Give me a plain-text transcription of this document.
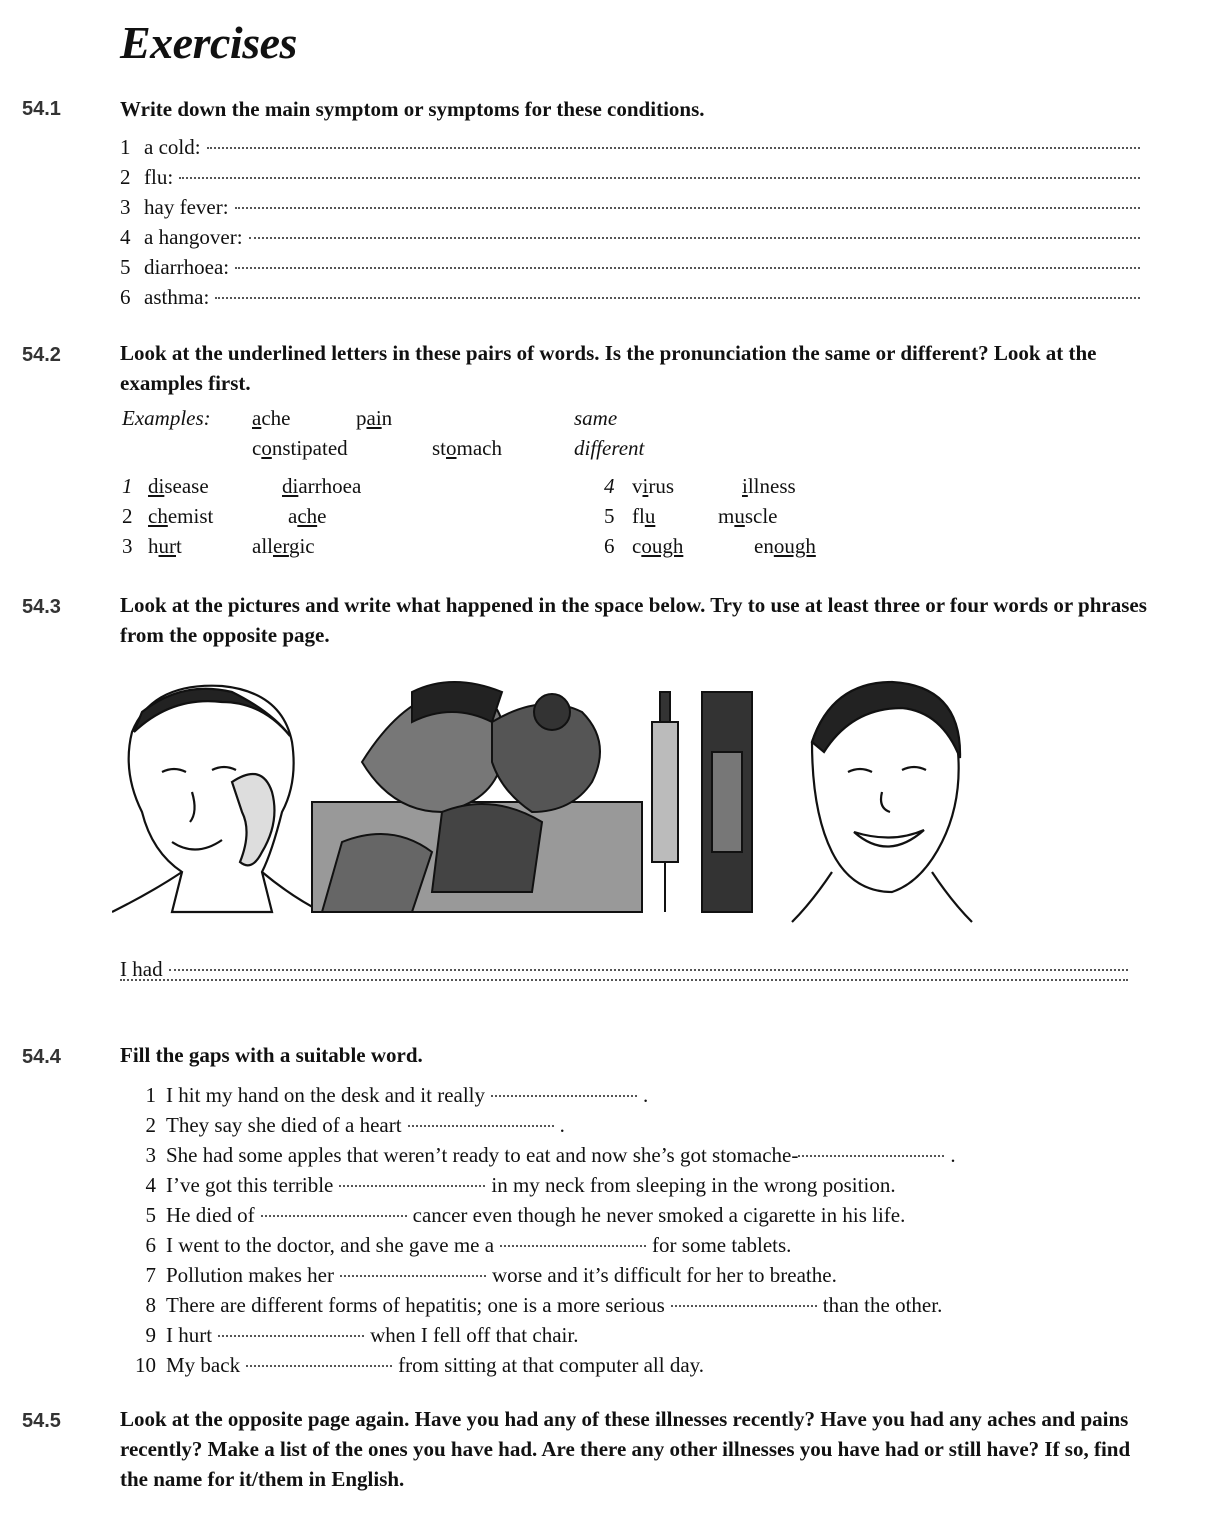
Exercises
54.1	Write down the main symptom or symptoms for these conditions.
1 a cold:
2 flu:
3 hay fever:
4 a hangover:
5 diarrhoea:
6 asthma:
54.2	Look at the underlined letters in these pairs of words. Is the pronunciation the same or different? Look at the examples first.
Examples: ache	pain	same
constipated	stomach	different
1 disease	diarrhoea
2 chemist	ache
3 hurt	allergic
4 virus	illness
5 flu	muscle
6 cough	enough
54.3	Look at the pictures and write what happened in the space below. Try to use at least three or four words or phrases from the opposite page.
I had
54.4	Fill the gaps with a suitable word.
1 I hit my hand on the desk and it really	.
2 They say she died of a heart	.
3 She had some apples that weren’t ready to eat and now she’s got stomache-	.
4 I’ve got this terrible	in my neck from sleeping in the wrong position.
5 He died of	cancer even though he never smoked a cigarette in his life.
6 I went to the doctor, and she gave me a	for some tablets.
7 Pollution makes her	worse and it’s difficult for her to breathe.
8 There are different forms of hepatitis; one is a more serious	than the other.
9 I hurt	when I fell off that chair.
10 My back	from sitting at that computer all day.
54.5	Look at the opposite page again. Have you had any of these illnesses recently? Have you had any aches and pains recently? Make a list of the ones you have had. Are there any other illnesses you have had or still have? If so, find the name for it/them in English.
